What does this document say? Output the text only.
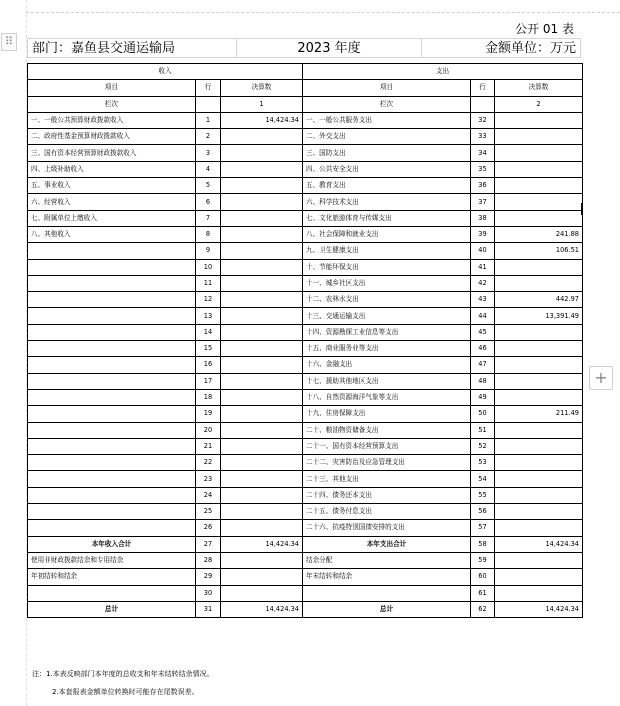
⠿
公开 01 表
部门：嘉鱼县交通运输局	2023 年度	金额单位：万元
收入			支出		
项目	行	决算数	项目	行	决算数
栏次		1	栏次		2
一、一般公共预算财政拨款收入	1	14,424.34	一、一般公共服务支出	32	
二、政府性基金预算财政拨款收入	2		二、外交支出	33	
三、国有资本经营预算财政拨款收入	3		三、国防支出	34	
四、上级补助收入	4		四、公共安全支出	35	
五、事业收入	5		五、教育支出	36	
六、经营收入	6		六、科学技术支出	37	
七、附属单位上缴收入	7		七、文化旅游体育与传媒支出	38	
八、其他收入	8		八、社会保障和就业支出	39	241.88
	9		九、卫生健康支出	40	106.51
	10		十、节能环保支出	41	
	11		十一、城乡社区支出	42	
	12		十二、农林水支出	43	442.97
	13		十三、交通运输支出	44	13,391.49
	14		十四、资源勘探工业信息等支出	45	
	15		十五、商业服务业等支出	46	
	16		十六、金融支出	47	
	17		十七、援助其他地区支出	48	
	18		十八、自然资源海洋气象等支出	49	
	19		十九、住房保障支出	50	211.49
	20		二十、粮油物资储备支出	51	
	21		二十一、国有资本经营预算支出	52	
	22		二十二、灾害防治及应急管理支出	53	
	23		二十三、其他支出	54	
	24		二十四、债务还本支出	55	
	25		二十五、债务付息支出	56	
	26		二十六、抗疫特别国债安排的支出	57	
本年收入合计	27	14,424.34	本年支出合计	58	14,424.34
使用非财政拨款结余和专用结余	28		结余分配	59	
年初结转和结余	29		年末结转和结余	60	
	30			61	
总计	31	14,424.34	总计	62	14,424.34
+
注：1.本表反映部门本年度的总收支和年末结转结余情况。
2.本套报表金额单位转换时可能存在尾数误差。
